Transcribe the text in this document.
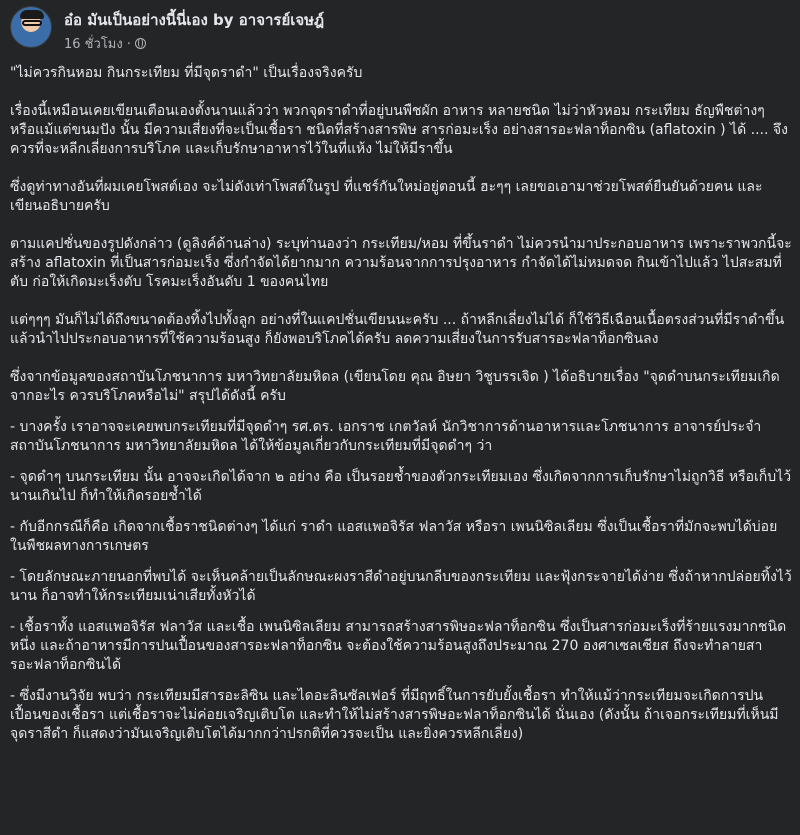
อ๋อ มันเป็นอย่างนี้นี่เอง by อาจารย์เจษฎ์
16 ชั่วโมง ·

"ไม่ควรกินหอม กินกระเทียม ที่มีจุดราดำ" เป็นเรื่องจริงครับ

เรื่องนี้เหมือนเคยเขียนเตือนเองตั้งนานแล้วว่า พวกจุดราดำที่อยู่บนพืชผัก อาหาร หลายชนิด ไม่ว่าหัวหอม กระเทียม ธัญพืชต่างๆ หรือแม้แต่ขนมปัง นั้น มีความเสี่ยงที่จะเป็นเชื้อรา ชนิดที่สร้างสารพิษ สารก่อมะเร็ง อย่างสารอะฟลาท็อกซิน (aflatoxin ) ได้ .... จึงควรที่จะหลีกเลี่ยงการบริโภค และเก็บรักษาอาหารไว้ในที่แห้ง ไม่ให้มีราขึ้น

ซึ่งดูท่าทางอันที่ผมเคยโพสต์เอง จะไม่ดังเท่าโพสต์ในรูป ที่แชร์กันใหม่อยู่ตอนนี้ ฮะๆๆ เลยขอเอามาช่วยโพสต์ยืนยันด้วยคน และเขียนอธิบายครับ

ตามแคปชั่นของรูปดังกล่าว (ดูลิงค์ด้านล่าง) ระบุท่านองว่า กระเทียม/หอม ที่ขึ้นราดำ ไม่ควรนำมาประกอบอาหาร เพราะราพวกนี้จะสร้าง aflatoxin ที่เป็นสารก่อมะเร็ง ซึ่งกำจัดได้ยากมาก ความร้อนจากการปรุงอาหาร กำจัดได้ไม่หมดจด กินเข้าไปแล้ว ไปสะสมที่ตับ ก่อให้เกิดมะเร็งตับ โรคมะเร็งอันดับ 1 ของคนไทย

แต่ๆๆๆ มันก็ไม่ได้ถึงขนาดต้องทิ้งไปทั้งลูก อย่างที่ในแคปชั่นเขียนนะครับ ... ถ้าหลีกเลี่ยงไม่ได้ ก็ใช้วิธีเฉือนเนื้อตรงส่วนที่มีราดำขึ้น แล้วนำไปประกอบอาหารที่ใช้ความร้อนสูง ก็ยังพอบริโภคได้ครับ ลดความเสี่ยงในการรับสารอะฟลาท็อกซินลง

ซึ่งจากข้อมูลของสถาบันโภชนาการ มหาวิทยาลัยมหิดล (เขียนโดย คุณ อิษยา วิชูบรรเจิด ) ได้อธิบายเรื่อง "จุดดำบนกระเทียมเกิดจากอะไร ควรบริโภคหรือไม่" สรุปได้ดังนี้ ครับ

- บางครั้ง เราอาจจะเคยพบกระเทียมที่มีจุดดำๆ รศ.ดร. เอกราช เกตวัลห์ นักวิชาการด้านอาหารและโภชนาการ อาจารย์ประจำสถาบันโภชนาการ มหาวิทยาลัยมหิดล ได้ให้ข้อมูลเกี่ยวกับกระเทียมที่มีจุดดำๆ ว่า

- จุดดำๆ บนกระเทียม นั้น อาจจะเกิดได้จาก ๒ อย่าง คือ เป็นรอยช้ำของตัวกระเทียมเอง ซึ่งเกิดจากการเก็บรักษาไม่ถูกวิธี หรือเก็บไว้นานเกินไป ก็ทำให้เกิดรอยช้ำได้

- กับอีกกรณีก็คือ เกิดจากเชื้อราชนิดต่างๆ ได้แก่ ราดำ แอสแพอจิรัส ฟลาวัส หรือรา เพนนิซิลเลียม ซึ่งเป็นเชื้อราที่มักจะพบได้บ่อยในพืชผลทางการเกษตร

- โดยลักษณะภายนอกที่พบได้ จะเห็นคล้ายเป็นลักษณะผงราสีดำอยู่บนกลีบของกระเทียม และฟุ้งกระจายได้ง่าย ซึ่งถ้าหากปล่อยทิ้งไว้นาน ก็อาจทำให้กระเทียมเน่าเสียทั้งหัวได้

- เชื้อราทั้ง แอสแพอจิรัส ฟลาวัส และเชื้อ เพนนิซิลเลียม สามารถสร้างสารพิษอะฟลาท็อกซิน ซึ่งเป็นสารก่อมะเร็งที่ร้ายแรงมากชนิดหนึ่ง และถ้าอาหารมีการปนเปื้อนของสารอะฟลาท็อกซิน จะต้องใช้ความร้อนสูงถึงประมาณ 270 องศาเซลเซียส ถึงจะทำลายสารอะฟลาท็อกซินได้

- ซึ่งมีงานวิจัย พบว่า กระเทียมมีสารอะลิซิน และไดอะลินซัลเฟอร์ ที่มีฤทธิ์ในการยับยั้งเชื้อรา ทำให้แม้ว่ากระเทียมจะเกิดการปนเปื้อนของเชื้อรา แต่เชื้อราจะไม่ค่อยเจริญเติบโต และทำให้ไม่สร้างสารพิษอะฟลาท็อกซินได้ นั่นเอง (ดังนั้น ถ้าเจอกระเทียมที่เห็นมีจุดราสีดำ ก็แสดงว่ามันเจริญเติบโตได้มากกว่าปรกติที่ควรจะเป็น และยิ่งควรหลีกเลี่ยง)
